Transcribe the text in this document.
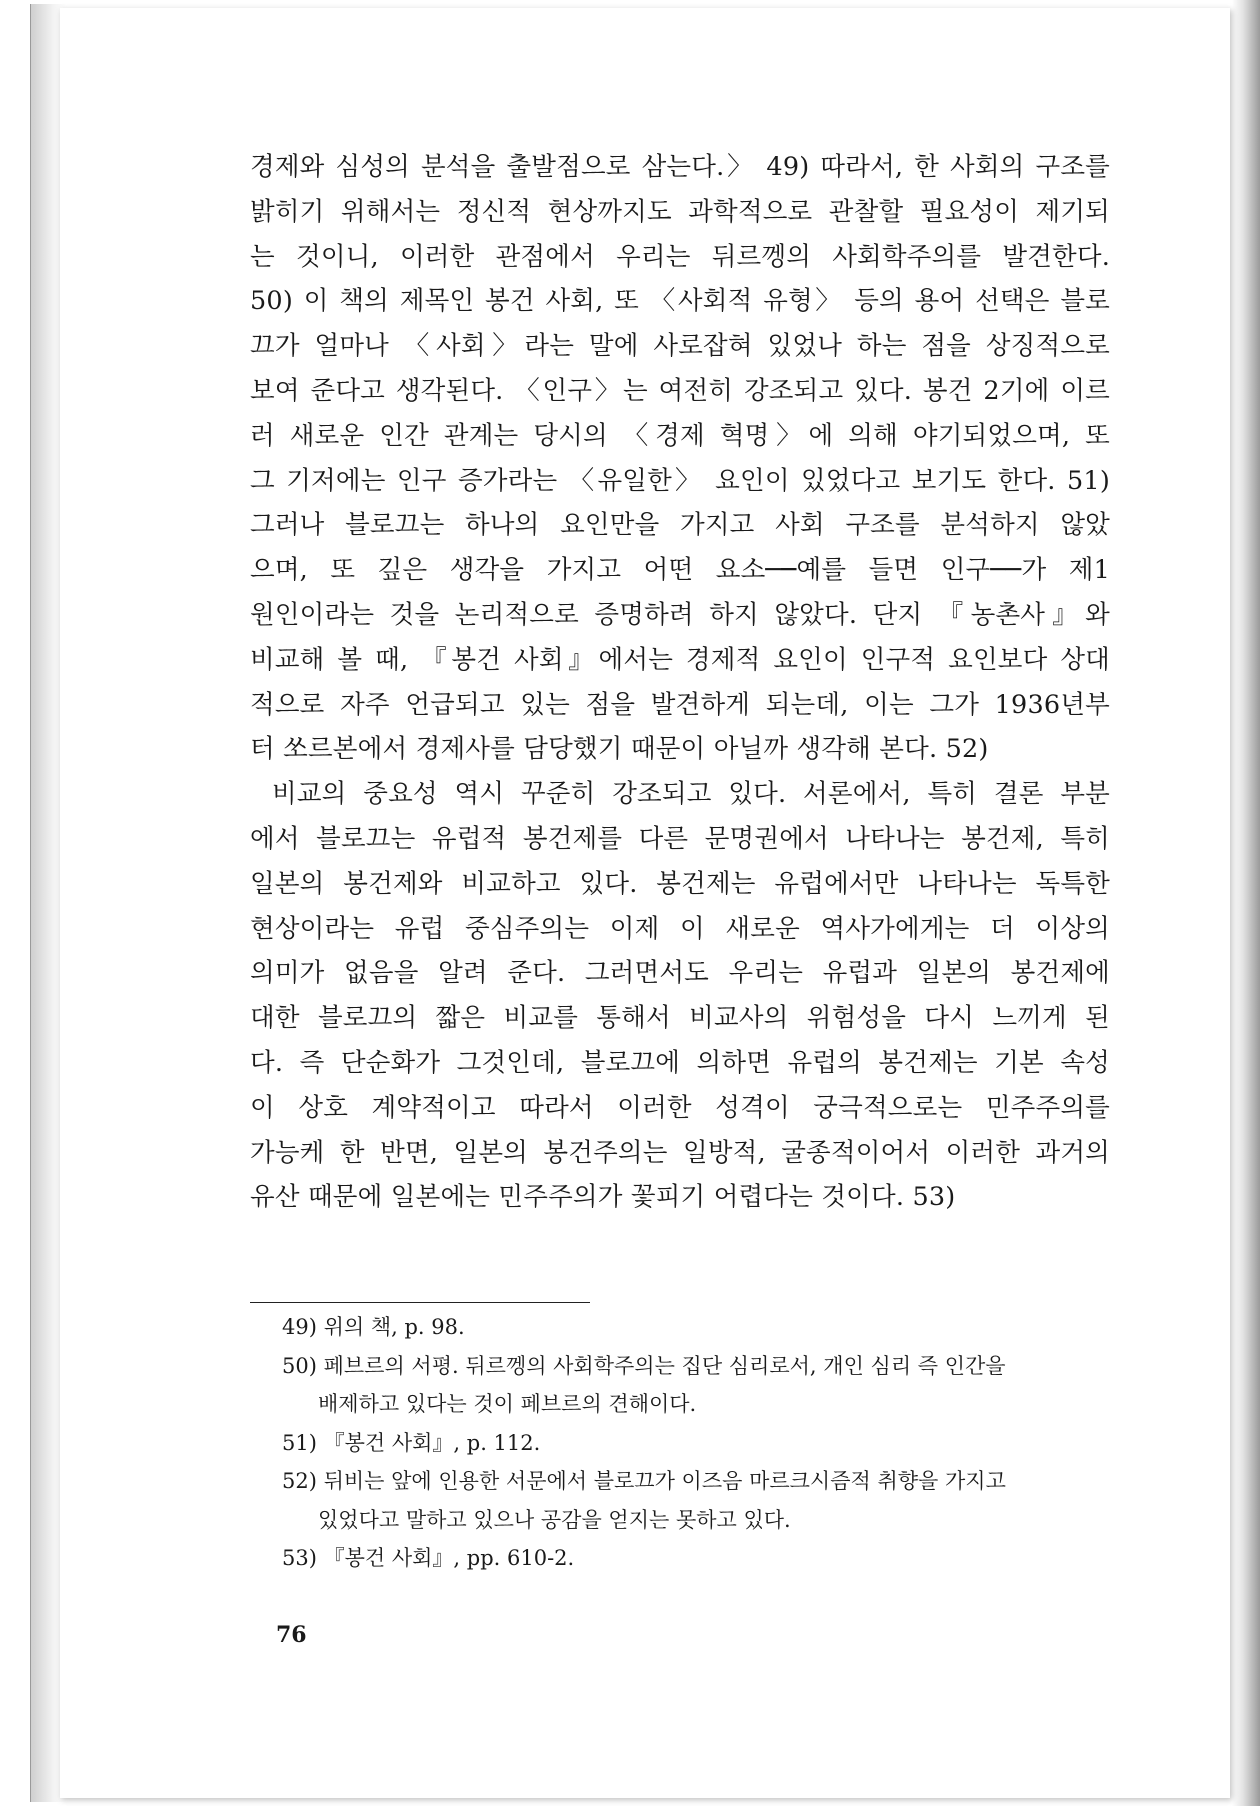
경제와 심성의 분석을 출발점으로 삼는다.〉 49) 따라서, 한 사회의 구조를
밝히기 위해서는 정신적 현상까지도 과학적으로 관찰할 필요성이 제기되
는 것이니, 이러한 관점에서 우리는 뒤르껭의 사회학주의를 발견한다.
50) 이 책의 제목인 봉건 사회, 또 〈사회적 유형〉 등의 용어 선택은 블로
끄가 얼마나 〈사회〉라는 말에 사로잡혀 있었나 하는 점을 상징적으로
보여 준다고 생각된다. 〈인구〉는 여전히 강조되고 있다. 봉건 2기에 이르
러 새로운 인간 관계는 당시의 〈경제 혁명〉에 의해 야기되었으며, 또
그 기저에는 인구 증가라는 〈유일한〉 요인이 있었다고 보기도 한다. 51)
그러나 블로끄는 하나의 요인만을 가지고 사회 구조를 분석하지 않았
으며, 또 깊은 생각을 가지고 어떤 요소──예를 들면 인구──가 제1
원인이라는 것을 논리적으로 증명하려 하지 않았다. 단지 『농촌사』와
비교해 볼 때, 『봉건 사회』에서는 경제적 요인이 인구적 요인보다 상대
적으로 자주 언급되고 있는 점을 발견하게 되는데, 이는 그가 1936년부
터 쏘르본에서 경제사를 담당했기 때문이 아닐까 생각해 본다. 52)
비교의 중요성 역시 꾸준히 강조되고 있다. 서론에서, 특히 결론 부분
에서 블로끄는 유럽적 봉건제를 다른 문명권에서 나타나는 봉건제, 특히
일본의 봉건제와 비교하고 있다. 봉건제는 유럽에서만 나타나는 독특한
현상이라는 유럽 중심주의는 이제 이 새로운 역사가에게는 더 이상의
의미가 없음을 알려 준다. 그러면서도 우리는 유럽과 일본의 봉건제에
대한 블로끄의 짧은 비교를 통해서 비교사의 위험성을 다시 느끼게 된
다. 즉 단순화가 그것인데, 블로끄에 의하면 유럽의 봉건제는 기본 속성
이 상호 계약적이고 따라서 이러한 성격이 궁극적으로는 민주주의를
가능케 한 반면, 일본의 봉건주의는 일방적, 굴종적이어서 이러한 과거의
유산 때문에 일본에는 민주주의가 꽃피기 어렵다는 것이다. 53)
49) 위의 책, p. 98.
50) 페브르의 서평. 뒤르껭의 사회학주의는 집단 심리로서, 개인 심리 즉 인간을
배제하고 있다는 것이 페브르의 견해이다.
51) 『봉건 사회』, p. 112.
52) 뒤비는 앞에 인용한 서문에서 블로끄가 이즈음 마르크시즘적 취향을 가지고
있었다고 말하고 있으나 공감을 얻지는 못하고 있다.
53) 『봉건 사회』, pp. 610-2.
76
